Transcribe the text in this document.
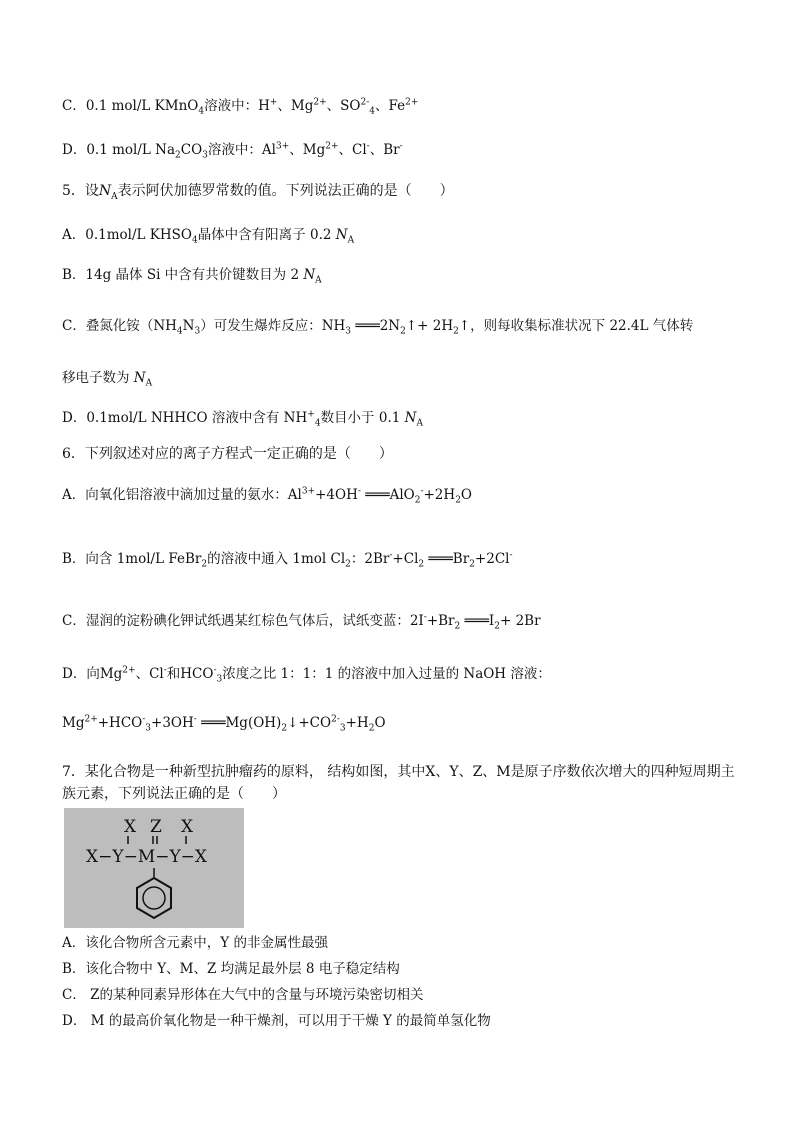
C．0.1 mol/L KMnO$_4$溶液中：H+、$Mg^{2+}$、$SO^{2-}_4$、$Fe^{2+}$
D．0.1 mol/L $Na_2CO_3$溶液中：$Al^{3+}$、$Mg^{2+}$、Cl-、Br-
5．设$N_A$表示阿伏加德罗常数的值。下列说法正确的是（　　）
A．0.1mol/L $KHSO_4$晶体中含有阳离子 0.2 $N_A$
B．14g 晶体 Si 中含有共价键数目为 2 $N_A$
C．叠氮化铵$(NH_4N_3)$可发生爆炸反应：$NH_3$ $═══2N_2↑+$ $2H_2↑$，则每收集标准状况下 22.4L 气体转
移电子数为 $N_A$
D．0.1mol/L NHHCO 溶液中含有 $NH^+_4$数目小于 0.1 $N_A$
6．下列叙述对应的离子方程式一定正确的是（　　）
A．向氧化铝溶液中滴加过量的氨水：$Al^{3+}+4OH^-$ $═══AlO_2^-+2H_2O$
B．向含 1mol/L FeBr$_2$的溶液中通入 1mol $Cl_2$：$2Br^-+Cl_2$ $═══Br_2+2Cl^-$
C．湿润的淀粉碘化钾试纸遇某红棕色气体后，试纸变蓝：$2I^-+Br_2$ $═══I_2+ 2Br$
D．向$Mg^{2+}$、Cl-和$HCO^-_3$浓度之比 1：1：1 的溶液中加入过量的 NaOH 溶液：
$Mg^{2+}+HCO^-_3+3OH^-$ $═══Mg(OH)_2↓+CO^{2-}_3+H_2O$
7．某化合物是一种新型抗肿瘤药的原料， 结构如图，其中X、Y、Z、M是原子序数依次增大的四种短周期主族元素，下列说法正确的是（　　）
X Z X
X−Y−M−Y−X
A．该化合物所含元素中，Y 的非金属性最强
B．该化合物中 Y、M、Z 均满足最外层 8 电子稳定结构
C． Z的某种同素异形体在大气中的含量与环境污染密切相关
D． M 的最高价氧化物是一种干燥剂，可以用于干燥 Y 的最简单氢化物
